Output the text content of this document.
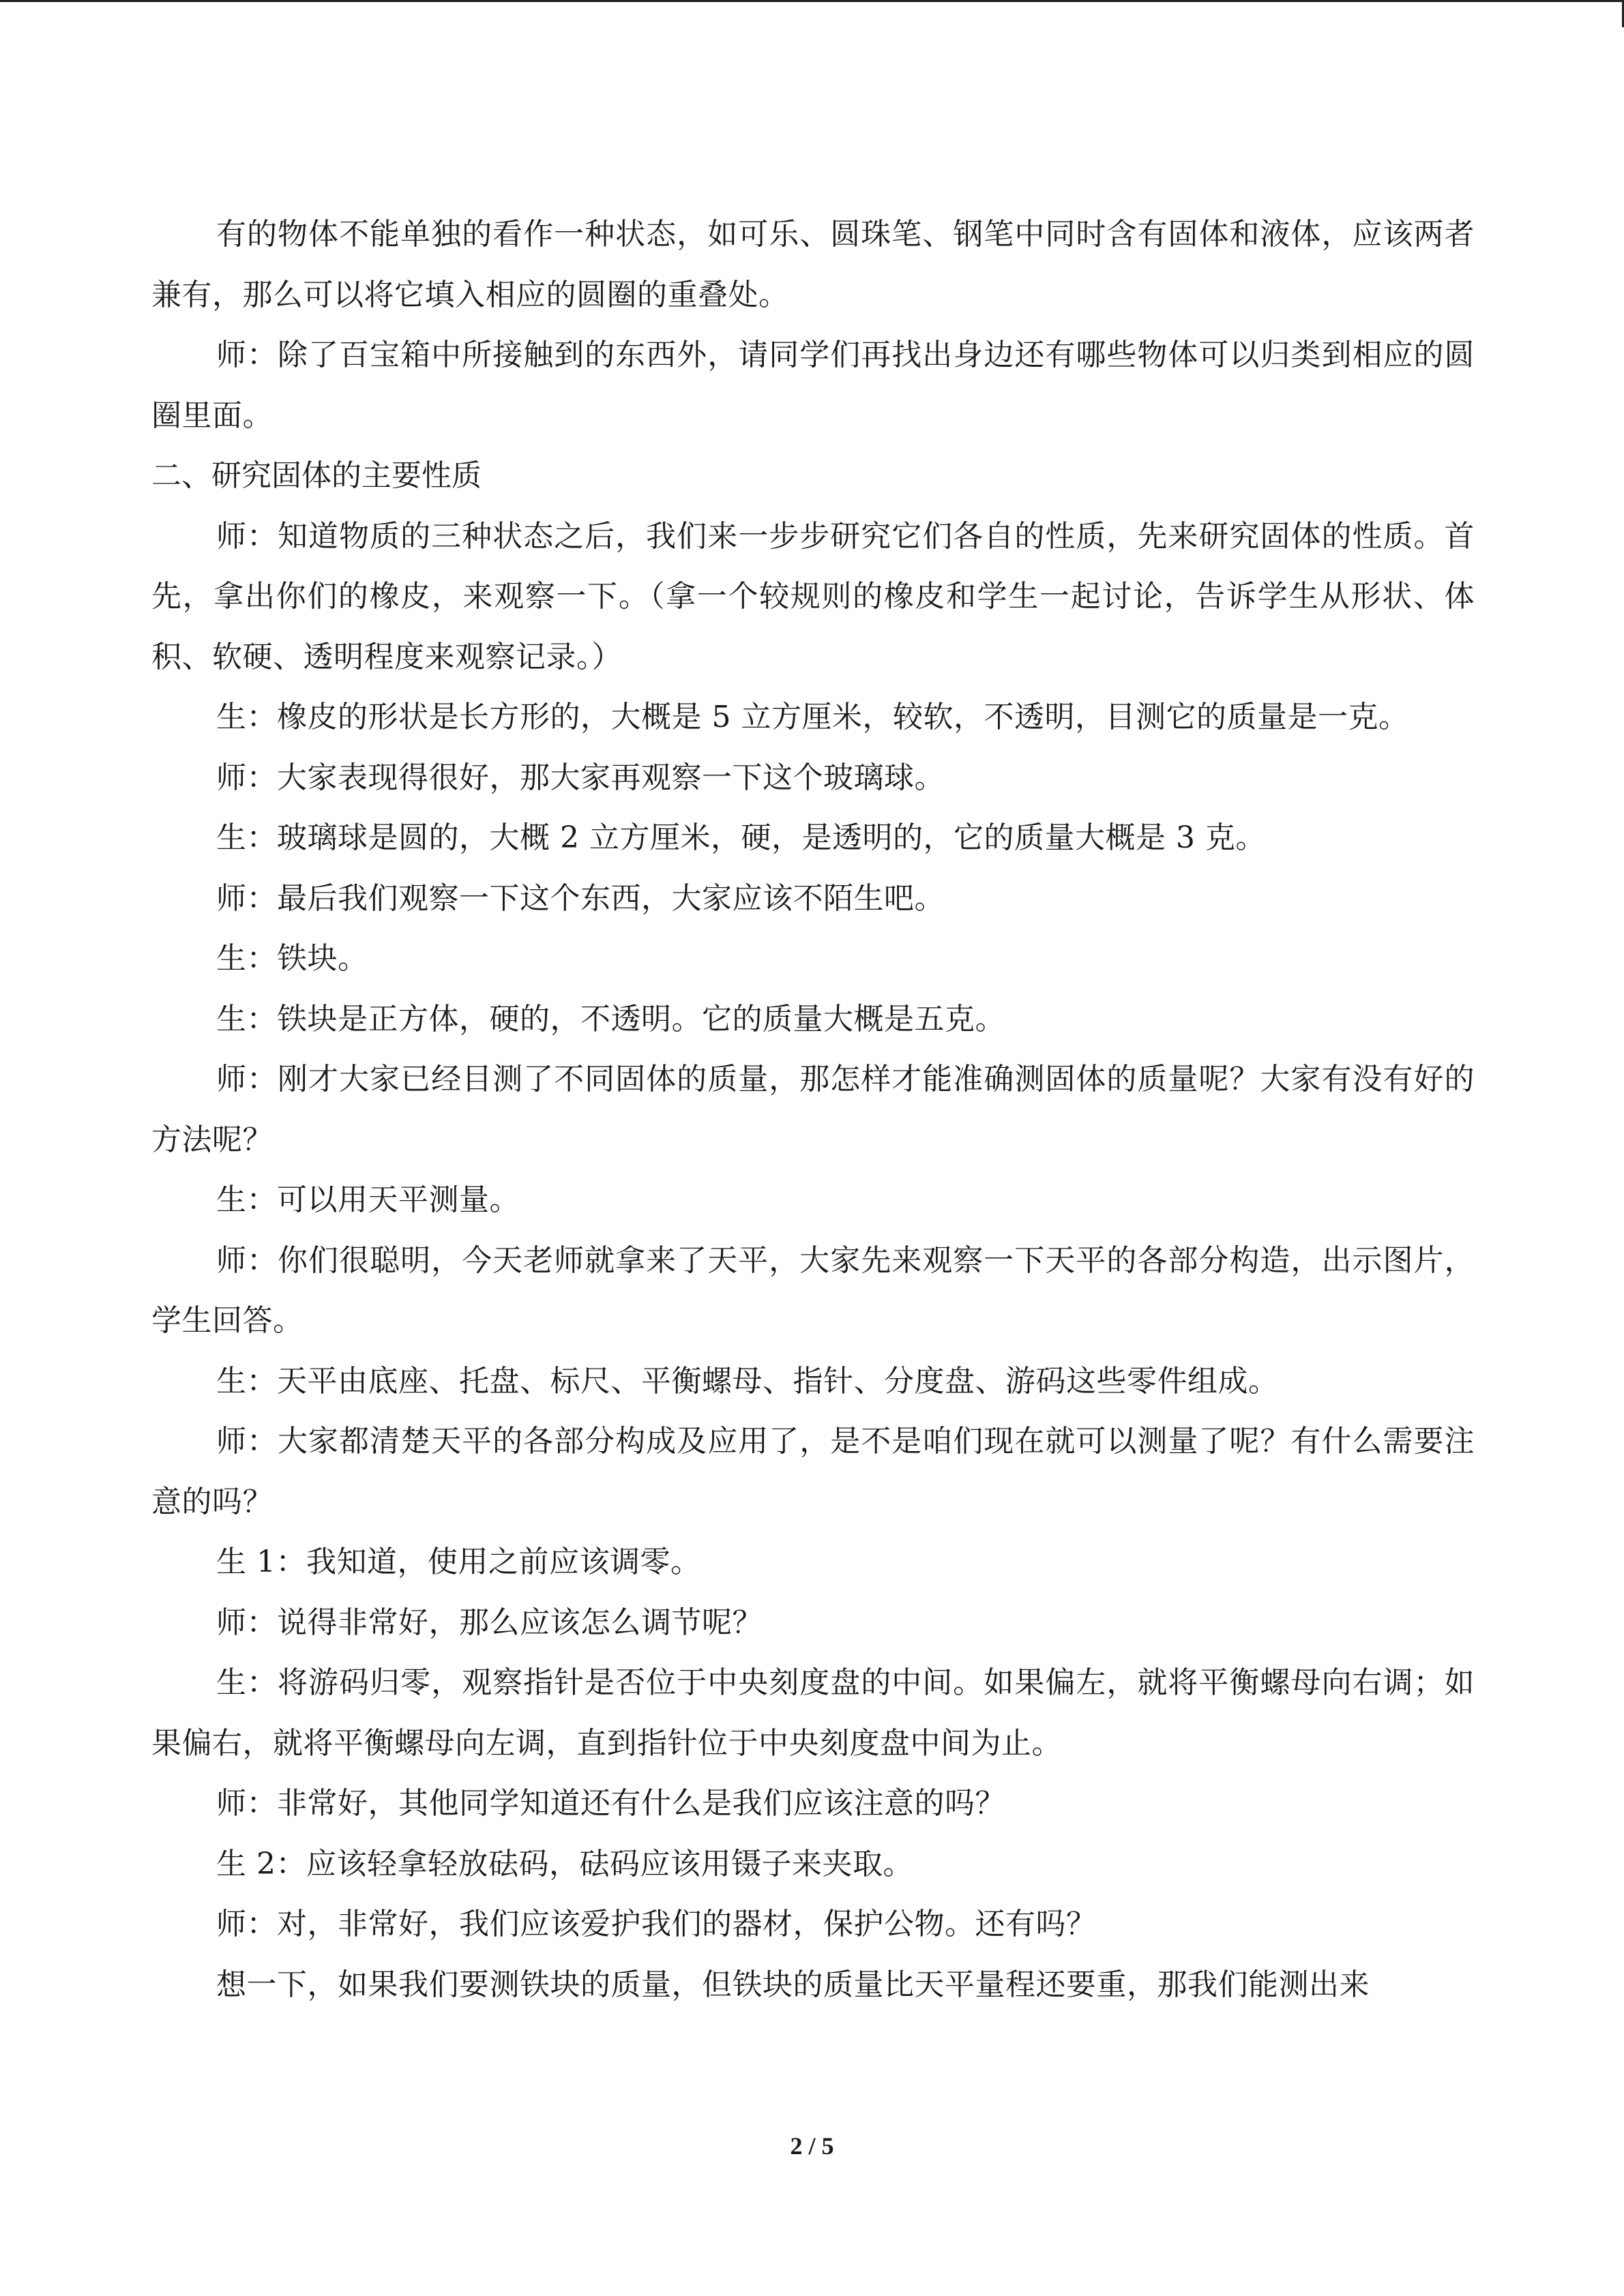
有的物体不能单独的看作一种状态，如可乐、圆珠笔、钢笔中同时含有固体和液体，应该两者兼有，那么可以将它填入相应的圆圈的重叠处。

师：除了百宝箱中所接触到的东西外，请同学们再找出身边还有哪些物体可以归类到相应的圆圈里面。

二、研究固体的主要性质

师：知道物质的三种状态之后，我们来一步步研究它们各自的性质，先来研究固体的性质。首先，拿出你们的橡皮，来观察一下。（拿一个较规则的橡皮和学生一起讨论，告诉学生从形状、体积、软硬、透明程度来观察记录。）

生：橡皮的形状是长方形的，大概是 5 立方厘米，较软，不透明，目测它的质量是一克。

师：大家表现得很好，那大家再观察一下这个玻璃球。

生：玻璃球是圆的，大概 2 立方厘米，硬，是透明的，它的质量大概是 3 克。

师：最后我们观察一下这个东西，大家应该不陌生吧。

生：铁块。

生：铁块是正方体，硬的，不透明。它的质量大概是五克。

师：刚才大家已经目测了不同固体的质量，那怎样才能准确测固体的质量呢？大家有没有好的方法呢？

生：可以用天平测量。

师：你们很聪明，今天老师就拿来了天平，大家先来观察一下天平的各部分构造，出示图片，学生回答。

生：天平由底座、托盘、标尺、平衡螺母、指针、分度盘、游码这些零件组成。

师：大家都清楚天平的各部分构成及应用了，是不是咱们现在就可以测量了呢？有什么需要注意的吗？

生 1：我知道，使用之前应该调零。

师：说得非常好，那么应该怎么调节呢？

生：将游码归零，观察指针是否位于中央刻度盘的中间。如果偏左，就将平衡螺母向右调；如果偏右，就将平衡螺母向左调，直到指针位于中央刻度盘中间为止。

师：非常好，其他同学知道还有什么是我们应该注意的吗？

生 2：应该轻拿轻放砝码，砝码应该用镊子来夹取。

师：对，非常好，我们应该爱护我们的器材，保护公物。还有吗？

想一下，如果我们要测铁块的质量，但铁块的质量比天平量程还要重，那我们能测出来

2 / 5
